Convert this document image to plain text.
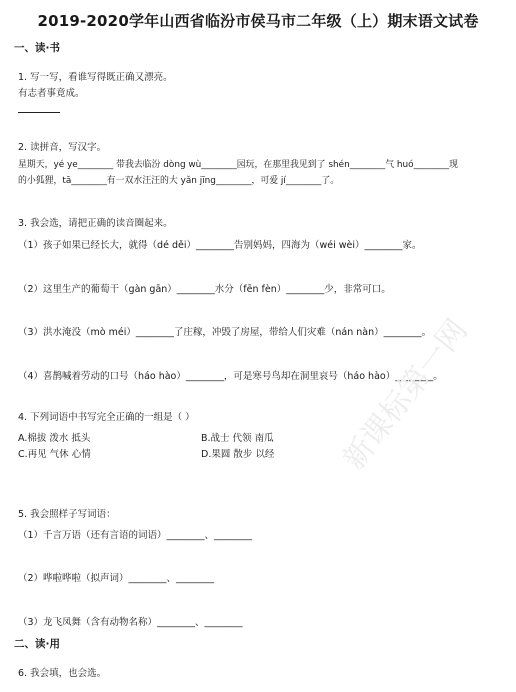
2019-2020学年山西省临汾市侯马市二年级（上）期末语文试卷
一、读·书
1. 写一写，看谁写得既正确又漂亮。
有志者事竟成。
2. 读拼音，写汉字。
星期天，yé ye________ 带我去临汾 dòng wù________园玩，在那里我见到了 shén________气 huó________现
的小狐狸，tā________有一双水汪汪的大 yǎn jīng________，可爱 jí________了。
3. 我会选，请把正确的读音圈起来。
（1）孩子如果已经长大，就得（dé děi）________告别妈妈，四海为（wéi wèi）________家。
（2）这里生产的葡萄干（gàn gān）________水分（fēn fèn）________少，非常可口。
（3）洪水淹没（mò méi）________了庄稼，冲毁了房屋，带给人们灾难（nán nàn）________。
（4）喜鹊喊着劳动的口号（háo hào）________，可是寒号鸟却在洞里哀号（háo hào）________。
4. 下列词语中书写完全正确的一组是（ ）
A.棉拔 泼水 抵头	B.战士 代领 南瓜
C.再见 气休 心情	D.果圆 散步 以经
5. 我会照样子写词语：
（1）千言万语（还有言语的词语）________、________
（2）哗啦哗啦（拟声词）________、________
（3）龙飞凤舞（含有动物名称）________、________
二、读·用
6. 我会填，也会选。
新课标第一网
